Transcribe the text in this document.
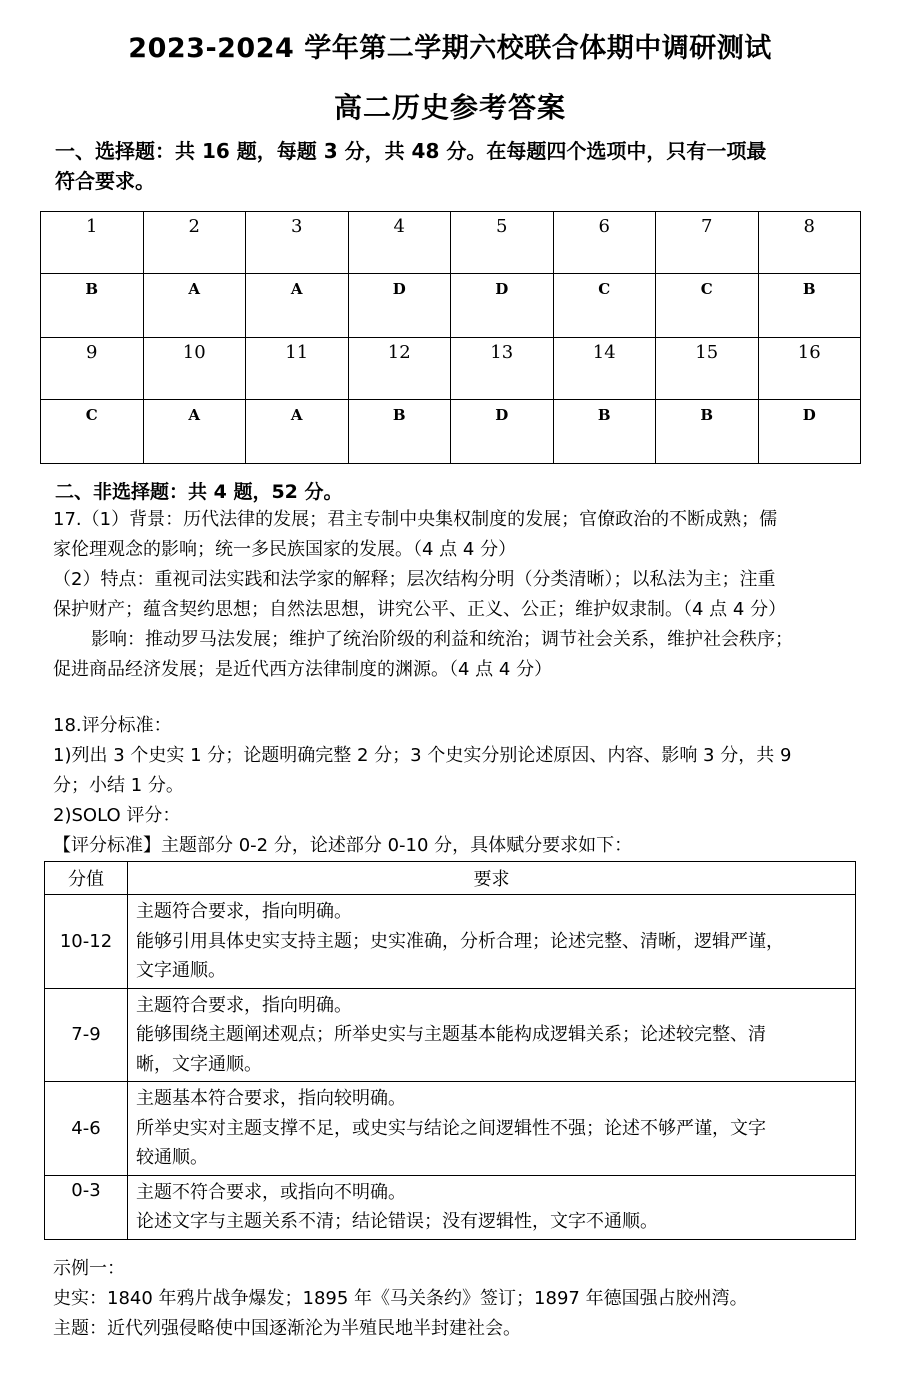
2023-2024 学年第二学期六校联合体期中调研测试
高二历史参考答案
一、选择题：共 16 题，每题 3 分，共 48 分。在每题四个选项中，只有一项最
符合要求。
1	2	3	4	5	6	7	8
B	A	A	D	D	C	C	B
9	10	11	12	13	14	15	16
C	A	A	B	D	B	B	D
二、非选择题：共 4 题，52 分。
17.（1）背景：历代法律的发展；君主专制中央集权制度的发展；官僚政治的不断成熟；儒
家伦理观念的影响；统一多民族国家的发展。（4 点 4 分）
（2）特点：重视司法实践和法学家的解释；层次结构分明（分类清晰）；以私法为主；注重
保护财产；蕴含契约思想；自然法思想，讲究公平、正义、公正；维护奴隶制。（4 点 4 分）
影响：推动罗马法发展；维护了统治阶级的利益和统治；调节社会关系，维护社会秩序；
促进商品经济发展；是近代西方法律制度的渊源。（4 点 4 分）
18.评分标准：
1)列出 3 个史实 1 分；论题明确完整 2 分；3 个史实分别论述原因、内容、影响 3 分，共 9
分；小结 1 分。
2)SOLO 评分：
【评分标准】主题部分 0-2 分，论述部分 0-10 分，具体赋分要求如下：
分值	要求
10-12	主题符合要求，指向明确。
能够引用具体史实支持主题；史实准确，分析合理；论述完整、清晰，逻辑严谨，
文字通顺。

7-9	主题符合要求，指向明确。
能够围绕主题阐述观点；所举史实与主题基本能构成逻辑关系；论述较完整、清
晰，文字通顺。

4-6	主题基本符合要求，指向较明确。
所举史实对主题支撑不足，或史实与结论之间逻辑性不强；论述不够严谨，文字
较通顺。

0-3	主题不符合要求，或指向不明确。
论述文字与主题关系不清；结论错误；没有逻辑性，文字不通顺。
示例一：
史实：1840 年鸦片战争爆发；1895 年《马关条约》签订；1897 年德国强占胶州湾。
主题：近代列强侵略使中国逐渐沦为半殖民地半封建社会。
